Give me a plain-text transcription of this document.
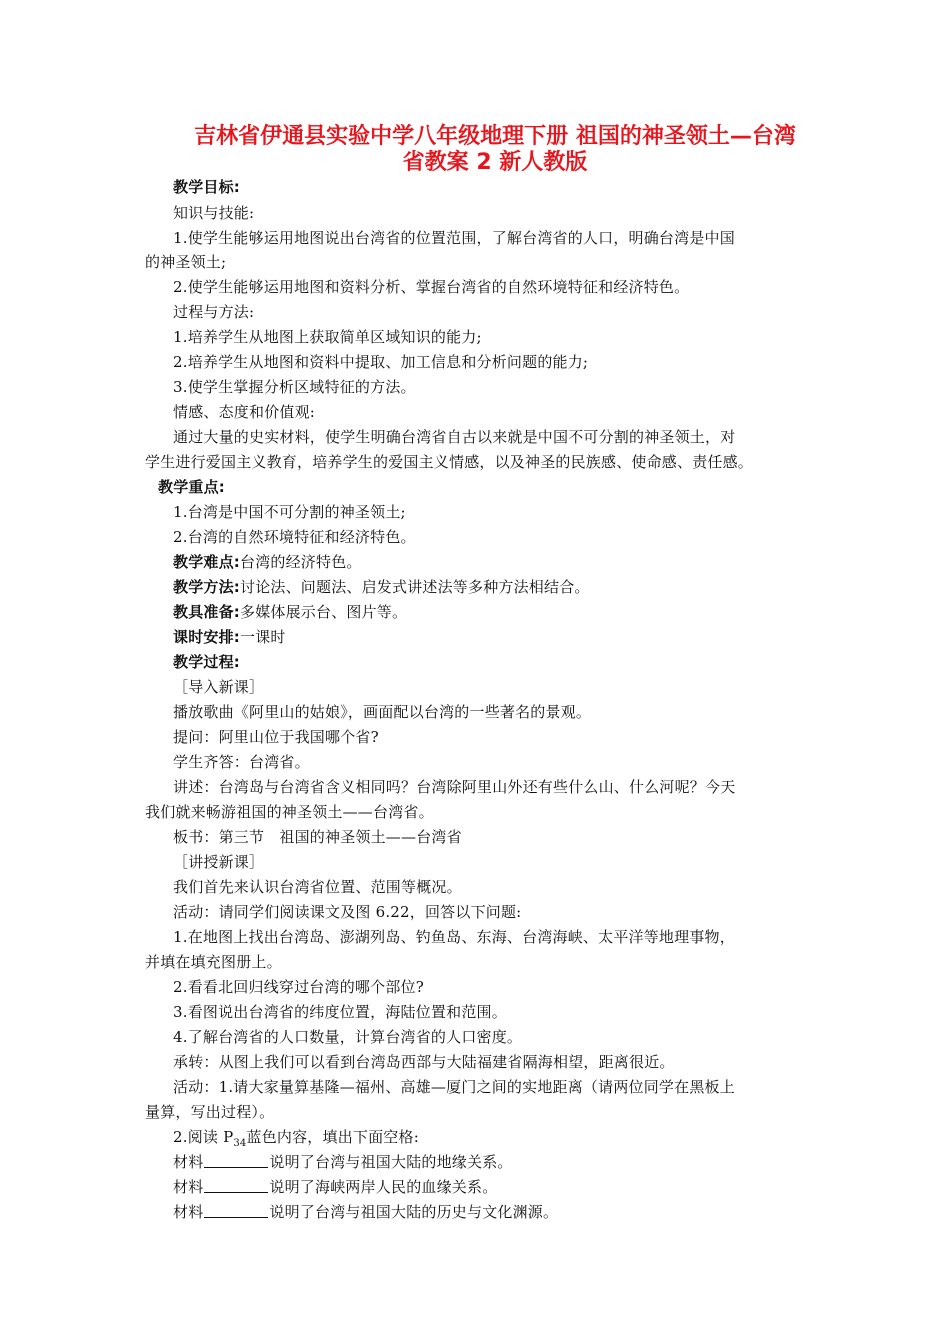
吉林省伊通县实验中学八年级地理下册 祖国的神圣领土—台湾
省教案 2 新人教版
教学目标:
知识与技能:
1.使学生能够运用地图说出台湾省的位置范围，了解台湾省的人口，明确台湾是中国
的神圣领土;
2.使学生能够运用地图和资料分析、掌握台湾省的自然环境特征和经济特色。
过程与方法:
1.培养学生从地图上获取简单区域知识的能力;
2.培养学生从地图和资料中提取、加工信息和分析问题的能力;
3.使学生掌握分析区域特征的方法。
情感、态度和价值观:
通过大量的史实材料，使学生明确台湾省自古以来就是中国不可分割的神圣领土，对
学生进行爱国主义教育，培养学生的爱国主义情感，以及神圣的民族感、使命感、责任感。
教学重点:
1.台湾是中国不可分割的神圣领土;
2.台湾的自然环境特征和经济特色。
教学难点:台湾的经济特色。
教学方法:讨论法、问题法、启发式讲述法等多种方法相结合。
教具准备:多媒体展示台、图片等。
课时安排:一课时
教学过程:
［导入新课］
播放歌曲《阿里山的姑娘》，画面配以台湾的一些著名的景观。
提问：阿里山位于我国哪个省?
学生齐答：台湾省。
讲述：台湾岛与台湾省含义相同吗？台湾除阿里山外还有些什么山、什么河呢？今天
我们就来畅游祖国的神圣领土——台湾省。
板书：第三节　祖国的神圣领土——台湾省
［讲授新课］
我们首先来认识台湾省位置、范围等概况。
活动：请同学们阅读课文及图 6.22，回答以下问题:
1.在地图上找出台湾岛、澎湖列岛、钓鱼岛、东海、台湾海峡、太平洋等地理事物，
并填在填充图册上。
2.看看北回归线穿过台湾的哪个部位?
3.看图说出台湾省的纬度位置，海陆位置和范围。
4.了解台湾省的人口数量，计算台湾省的人口密度。
承转：从图上我们可以看到台湾岛西部与大陆福建省隔海相望，距离很近。
活动：1.请大家量算基隆—福州、高雄—厦门之间的实地距离（请两位同学在黑板上
量算，写出过程）。
2.阅读 $P_{34}$蓝色内容，填出下面空格:
材料	说明了台湾与祖国大陆的地缘关系。
材料	说明了海峡两岸人民的血缘关系。
材料	说明了台湾与祖国大陆的历史与文化渊源。
